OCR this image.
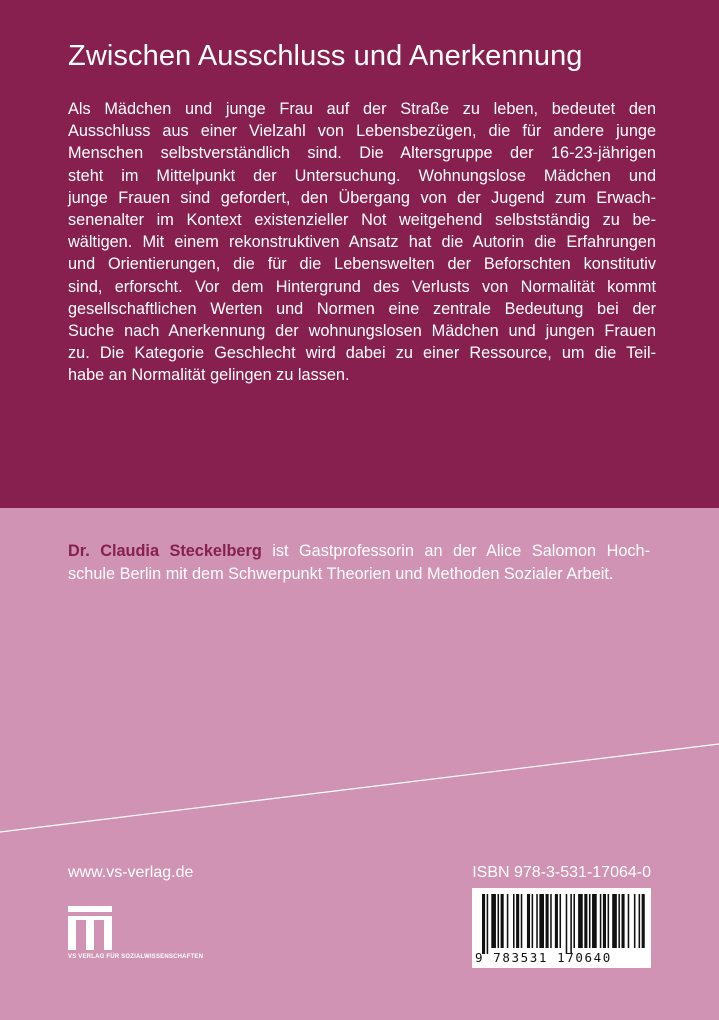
Zwischen Ausschluss und Anerkennung

Als Mädchen und junge Frau auf der Straße zu leben, bedeutet den

Ausschluss aus einer Vielzahl von Lebensbezügen, die für andere junge

Menschen selbstverständlich sind. Die Altersgruppe der 16-23-jährigen

steht im Mittelpunkt der Untersuchung. Wohnungslose Mädchen und

junge Frauen sind gefordert, den Übergang von der Jugend zum Erwach-

senenalter im Kontext existenzieller Not weitgehend selbstständig zu be-

wältigen. Mit einem rekonstruktiven Ansatz hat die Autorin die Erfahrungen

und Orientierungen, die für die Lebenswelten der Beforschten konstitutiv

sind, erforscht. Vor dem Hintergrund des Verlusts von Normalität kommt

gesellschaftlichen Werten und Normen eine zentrale Bedeutung bei der

Suche nach Anerkennung der wohnungslosen Mädchen und jungen Frauen

zu. Die Kategorie Geschlecht wird dabei zu einer Ressource, um die Teil-

habe an Normalität gelingen zu lassen.

Dr. Claudia Steckelberg ist Gastprofessorin an der Alice Salomon Hoch-

schule Berlin mit dem Schwerpunkt Theorien und Methoden Sozialer Arbeit.

www.vs-verlag.de	ISBN 978-3-531-17064-0
VS VERLAG FÜR SOZIALWISSENSCHAFTEN	9 783531 170640
